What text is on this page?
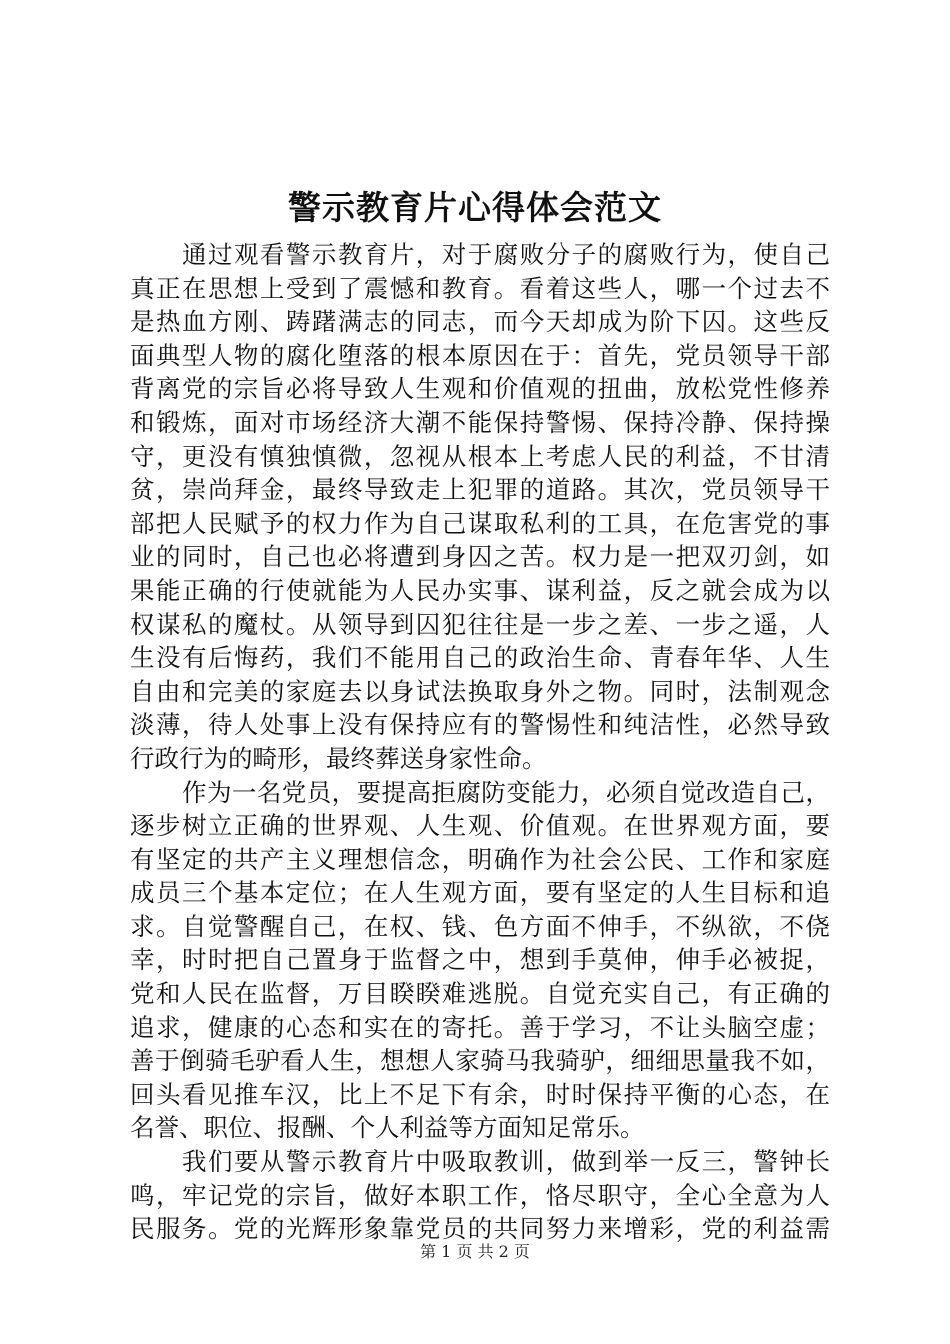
警示教育片心得体会范文
通过观看警示教育片，对于腐败分子的腐败行为，使自己
真正在思想上受到了震憾和教育。看着这些人，哪一个过去不
是热血方刚、踌躇满志的同志，而今天却成为阶下囚。这些反
面典型人物的腐化堕落的根本原因在于：首先，党员领导干部
背离党的宗旨必将导致人生观和价值观的扭曲，放松党性修养
和锻炼，面对市场经济大潮不能保持警惕、保持冷静、保持操
守，更没有慎独慎微，忽视从根本上考虑人民的利益，不甘清
贫，崇尚拜金，最终导致走上犯罪的道路。其次，党员领导干
部把人民赋予的权力作为自己谋取私利的工具，在危害党的事
业的同时，自己也必将遭到身囚之苦。权力是一把双刃剑，如
果能正确的行使就能为人民办实事、谋利益，反之就会成为以
权谋私的魔杖。从领导到囚犯往往是一步之差、一步之遥，人
生没有后悔药，我们不能用自己的政治生命、青春年华、人生
自由和完美的家庭去以身试法换取身外之物。同时，法制观念
淡薄，待人处事上没有保持应有的警惕性和纯洁性，必然导致
行政行为的畸形，最终葬送身家性命。
作为一名党员，要提高拒腐防变能力，必须自觉改造自己，
逐步树立正确的世界观、人生观、价值观。在世界观方面，要
有坚定的共产主义理想信念，明确作为社会公民、工作和家庭
成员三个基本定位；在人生观方面，要有坚定的人生目标和追
求。自觉警醒自己，在权、钱、色方面不伸手，不纵欲，不侥
幸，时时把自己置身于监督之中，想到手莫伸，伸手必被捉，
党和人民在监督，万目睽睽难逃脱。自觉充实自己，有正确的
追求，健康的心态和实在的寄托。善于学习，不让头脑空虚；
善于倒骑毛驴看人生，想想人家骑马我骑驴，细细思量我不如，
回头看见推车汉，比上不足下有余，时时保持平衡的心态，在
名誉、职位、报酬、个人利益等方面知足常乐。
我们要从警示教育片中吸取教训，做到举一反三，警钟长
鸣，牢记党的宗旨，做好本职工作，恪尽职守，全心全意为人
民服务。党的光辉形象靠党员的共同努力来增彩，党的利益需
第 1 页 共 2 页
